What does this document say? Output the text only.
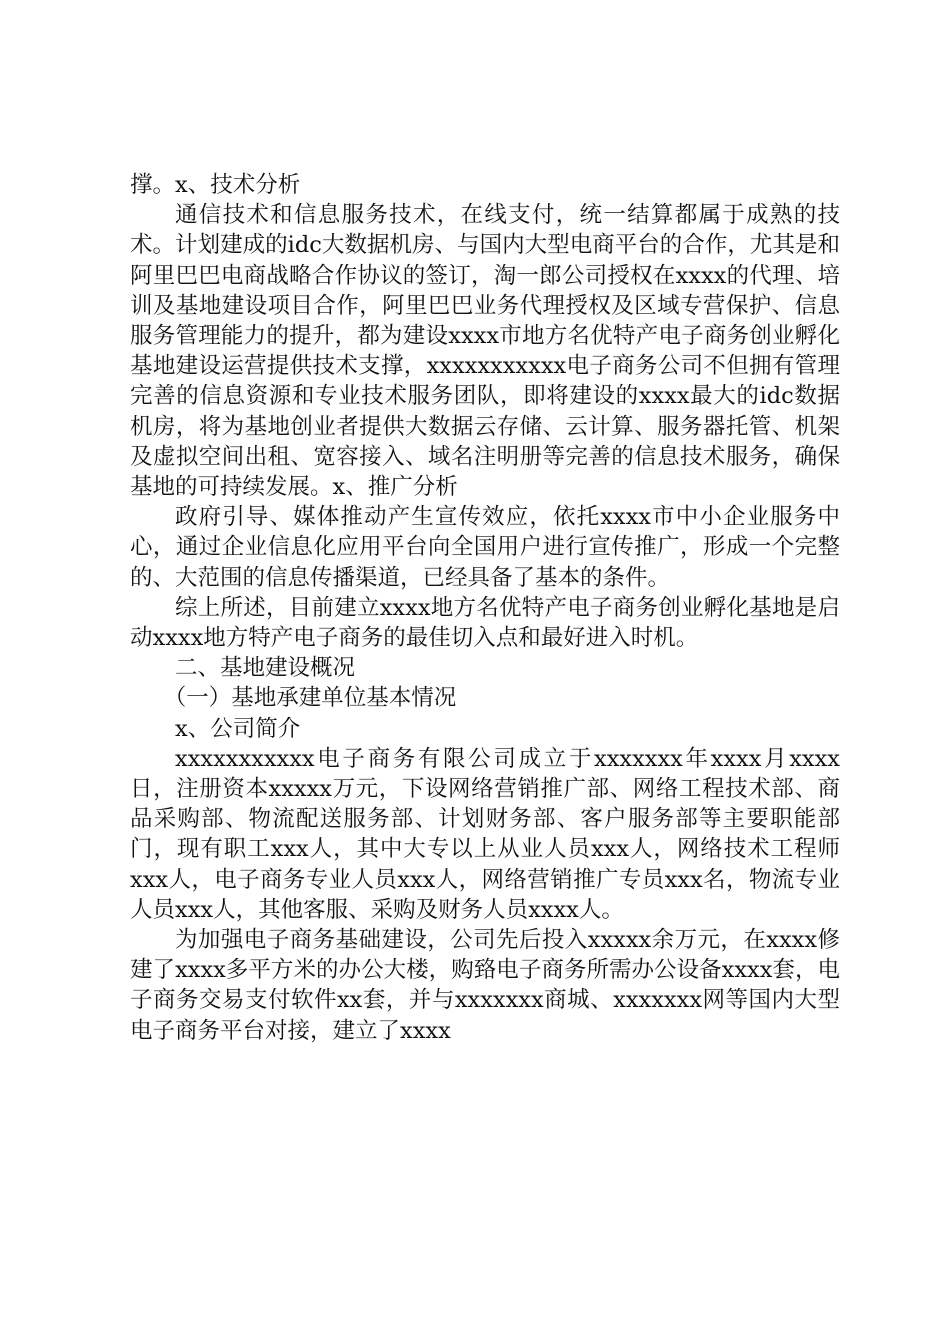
撑。x、技术分析

通信技术和信息服务技术，在线支付，统一结算都属于成熟的技术。计划建成的idc大数据机房、与国内大型电商平台的合作，尤其是和阿里巴巴电商战略合作协议的签订，淘一郎公司授权在xxxx的代理、培训及基地建设项目合作，阿里巴巴业务代理授权及区域专营保护、信息服务管理能力的提升，都为建设xxxx市地方名优特产电子商务创业孵化基地建设运营提供技术支撑，xxxxxxxxxxx电子商务公司不但拥有管理完善的信息资源和专业技术服务团队，即将建设的xxxx最大的idc数据机房，将为基地创业者提供大数据云存储、云计算、服务器托管、机架及虚拟空间出租、宽容接入、域名注明册等完善的信息技术服务，确保基地的可持续发展。x、推广分析

政府引导、媒体推动产生宣传效应，依托xxxx市中小企业服务中心，通过企业信息化应用平台向全国用户进行宣传推广，形成一个完整的、大范围的信息传播渠道，已经具备了基本的条件。

综上所述，目前建立xxxx地方名优特产电子商务创业孵化基地是启动xxxx地方特产电子商务的最佳切入点和最好进入时机。

二、基地建设概况

（一）基地承建单位基本情况

x、公司简介

xxxxxxxxxxx电子商务有限公司成立于xxxxxxx年xxxx月xxxx日，注册资本xxxxx万元，下设网络营销推广部、网络工程技术部、商品采购部、物流配送服务部、计划财务部、客户服务部等主要职能部门，现有职工xxx人，其中大专以上从业人员xxx人，网络技术工程师xxx人，电子商务专业人员xxx人，网络营销推广专员xxx名，物流专业人员xxx人，其他客服、采购及财务人员xxxx人。

为加强电子商务基础建设，公司先后投入xxxxx余万元，在xxxx修建了xxxx多平方米的办公大楼，购臵电子商务所需办公设备xxxx套，电子商务交易支付软件xx套，并与xxxxxxx商城、xxxxxxx网等国内大型电子商务平台对接，建立了xxxx
